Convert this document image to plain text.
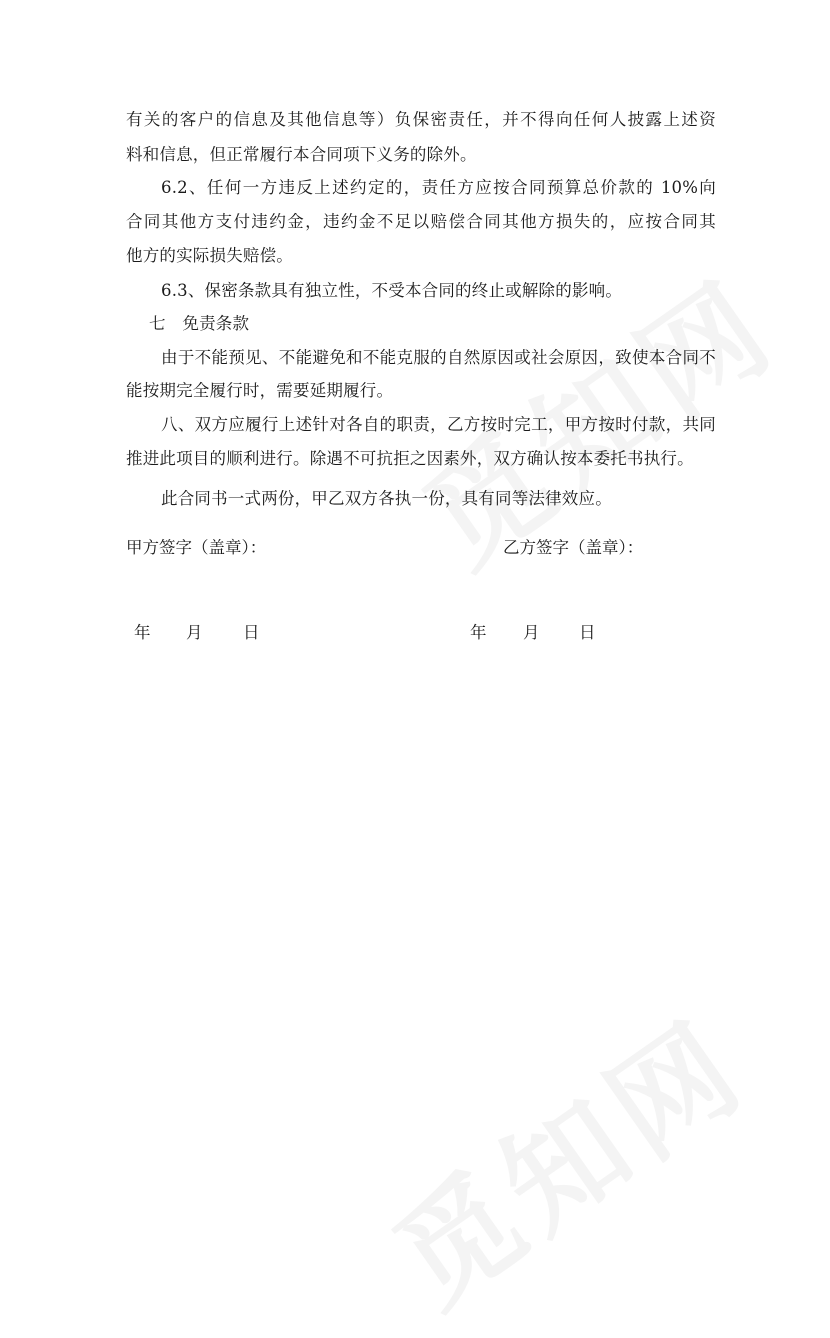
有关的客户的信息及其他信息等）负保密责任，并不得向任何人披露上述资
料和信息，但正常履行本合同项下义务的除外。
6.2、任何一方违反上述约定的，责任方应按合同预算总价款的 10%向
合同其他方支付违约金，违约金不足以赔偿合同其他方损失的，应按合同其
他方的实际损失赔偿。
6.3、保密条款具有独立性，不受本合同的终止或解除的影响。
七　免责条款
由于不能预见、不能避免和不能克服的自然原因或社会原因，致使本合同不
能按期完全履行时，需要延期履行。
八、双方应履行上述针对各自的职责，乙方按时完工，甲方按时付款，共同
推进此项目的顺利进行。除遇不可抗拒之因素外，双方确认按本委托书执行。
此合同书一式两份，甲乙双方各执一份，具有同等法律效应。
甲方签字（盖章）：	乙方签字（盖章）：
年 月 日	年 月 日
